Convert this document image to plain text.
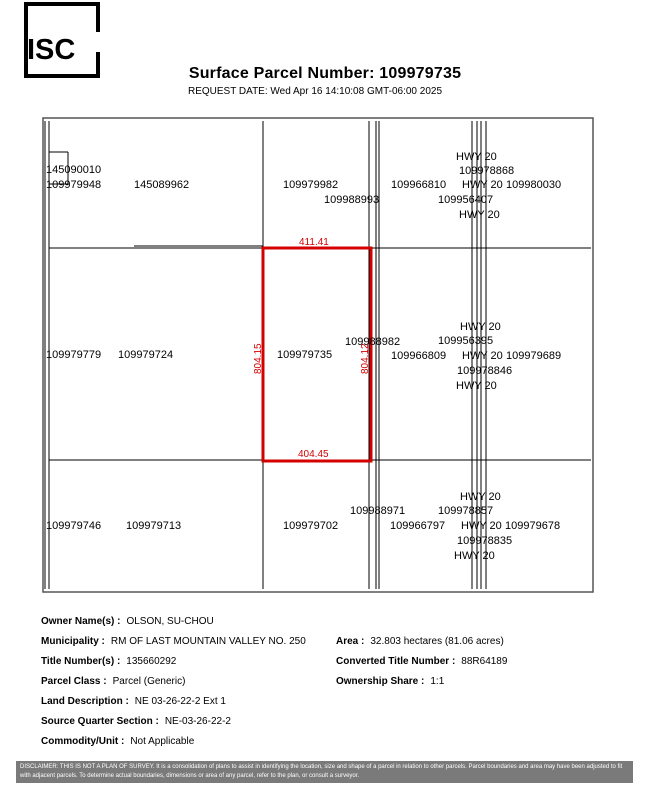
ISC
Surface Parcel Number: 109979735
REQUEST DATE: Wed Apr 16 14:10:08 GMT-06:00 2025
145090010
109979948	145089962	109979982
109988993
109966810
HWY 20
109978868
HWY 20 109980030
109956407
HWY 20
109979779 109979724	109979735
109988982
HWY 20
109956395
109966809 HWY 20 109979689
109978846
HWY 20
109979746 109979713	109979702
109988971
HWY 20
109978857
109966797 HWY 20 109979678
109978835
HWY 20
411.41
404.45
804.15	804.12
Owner Name(s) : OLSON, SU-CHOU
Municipality : RM OF LAST MOUNTAIN VALLEY NO. 250	Area : 32.803 hectares (81.06 acres)
Title Number(s) : 135660292	Converted Title Number : 88R64189
Parcel Class : Parcel (Generic)	Ownership Share : 1:1
Land Description : NE 03-26-22-2 Ext 1
Source Quarter Section : NE-03-26-22-2
Commodity/Unit : Not Applicable
DISCLAIMER: THIS IS NOT A PLAN OF SURVEY. It is a consolidation of plans to assist in identifying the location, size and shape of a parcel in relation to other parcels. Parcel boundaries and area may have been adjusted to fit with adjacent parcels. To determine actual boundaries, dimensions or area of any parcel, refer to the plan, or consult a surveyor.
